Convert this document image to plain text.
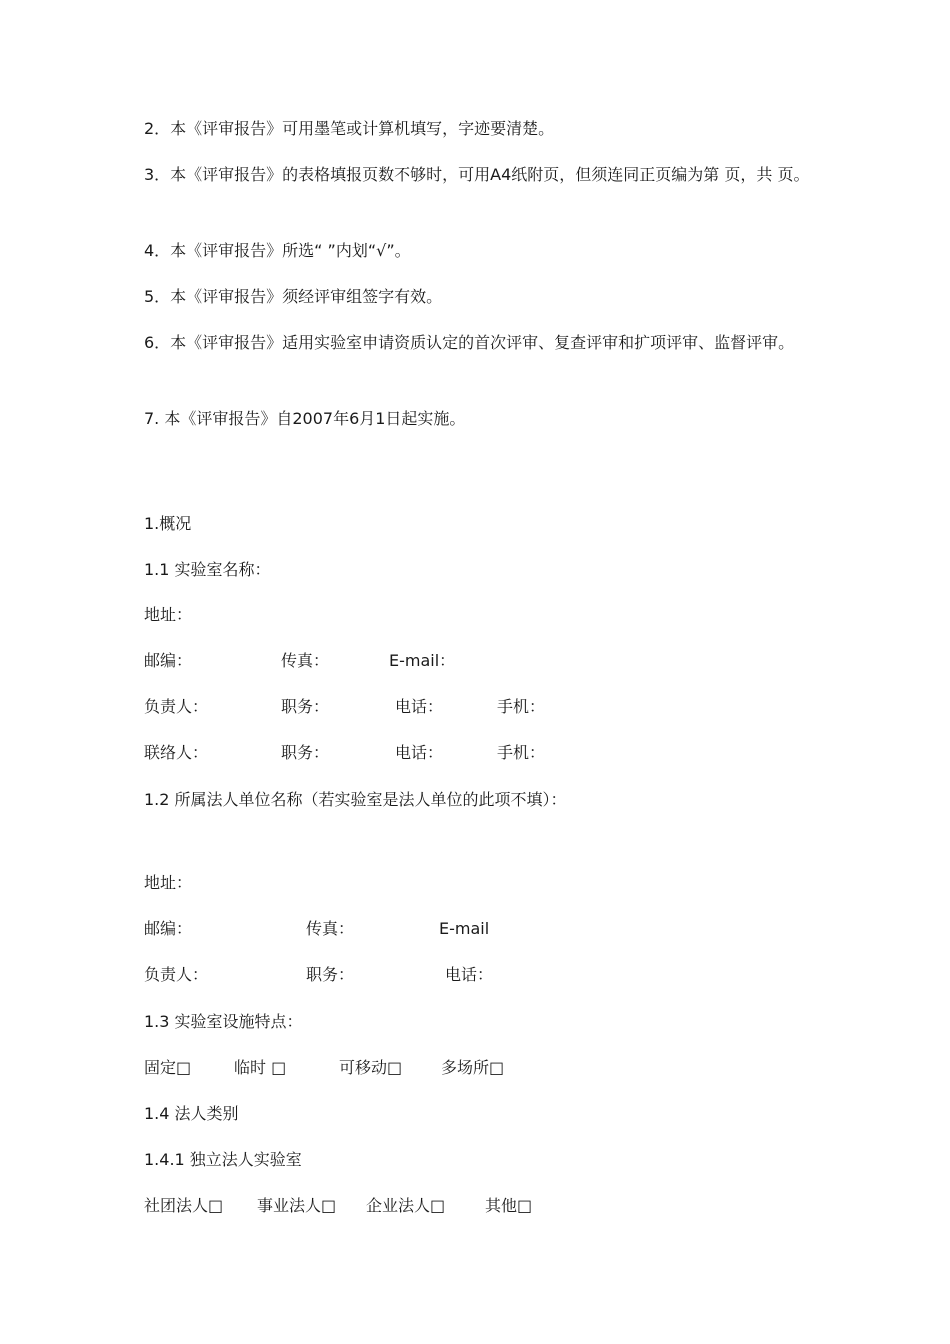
2．本《评审报告》可用墨笔或计算机填写，字迹要清楚。
3．本《评审报告》的表格填报页数不够时，可用A4纸附页，但须连同正页编为第 页，共 页。
4．本《评审报告》所选“ ”内划“√”。
5．本《评审报告》须经评审组签字有效。
6．本《评审报告》适用实验室申请资质认定的首次评审、复查评审和扩项评审、监督评审。
7. 本《评审报告》自2007年6月1日起实施。
1.概况
1.1 实验室名称：
地址：
邮编：	传真：	E-mail：
负责人：	职务：	电话：	手机：
联络人：	职务：	电话：	手机：
1.2 所属法人单位名称（若实验室是法人单位的此项不填）：
地址：
邮编：	传真：	E-mail
负责人：	职务：	电话：
1.3 实验室设施特点：
固定□	临时 □	可移动□ 多场所□
1.4 法人类别
1.4.1 独立法人实验室
社团法人□ 事业法人□ 企业法人□ 其他□
